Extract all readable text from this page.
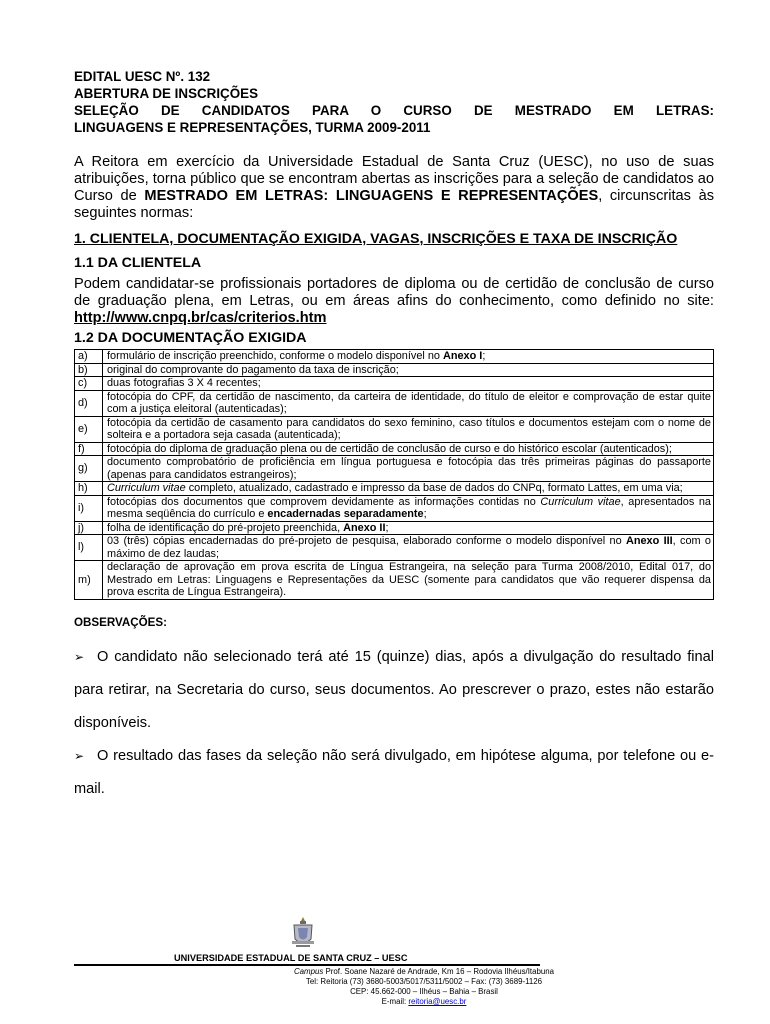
EDITAL UESC Nº. 132
ABERTURA DE INSCRIÇÕES
SELEÇÃO DE CANDIDATOS PARA O CURSO DE MESTRADO EM LETRAS:
LINGUAGENS E REPRESENTAÇÕES, TURMA 2009-2011
A Reitora em exercício da Universidade Estadual de Santa Cruz (UESC), no uso de suas atribuições, torna público que se encontram abertas as inscrições para a seleção de candidatos ao Curso de MESTRADO EM LETRAS: LINGUAGENS E REPRESENTAÇÕES, circunscritas às seguintes normas:
1. CLIENTELA, DOCUMENTAÇÃO EXIGIDA, VAGAS, INSCRIÇÕES E TAXA DE INSCRIÇÃO
1.1 DA CLIENTELA
Podem candidatar-se profissionais portadores de diploma ou de certidão de conclusão de curso de graduação plena, em Letras, ou em áreas afins do conhecimento, como definido no site: http://www.cnpq.br/cas/criterios.htm
1.2 DA DOCUMENTAÇÃO EXIGIDA
a)	formulário de inscrição preenchido, conforme o modelo disponível no Anexo I;
b)	original do comprovante do pagamento da taxa de inscrição;
c)	duas fotografias 3 X 4 recentes;
d)	fotocópia do CPF, da certidão de nascimento, da carteira de identidade, do título de eleitor e comprovação de estar quite com a justiça eleitoral (autenticadas);
e)	fotocópia da certidão de casamento para candidatos do sexo feminino, caso títulos e documentos estejam com o nome de solteira e a portadora seja casada (autenticada);
f)	fotocópia do diploma de graduação plena ou de certidão de conclusão de curso e do histórico escolar (autenticados);
g)	documento comprobatório de proficiência em língua portuguesa e fotocópia das três primeiras páginas do passaporte (apenas para candidatos estrangeiros);
h)	Curriculum vitae completo, atualizado, cadastrado e impresso da base de dados do CNPq, formato Lattes, em uma via;
i)	fotocópias dos documentos que comprovem devidamente as informações contidas no Curriculum vitae, apresentados na mesma seqüência do currículo e encadernadas separadamente;
j)	folha de identificação do pré-projeto preenchida, Anexo II;
l)	03 (três) cópias encadernadas do pré-projeto de pesquisa, elaborado conforme o modelo disponível no Anexo III, com o máximo de dez laudas;
m)	declaração de aprovação em prova escrita de Língua Estrangeira, na seleção para Turma 2008/2010, Edital 017, do Mestrado em Letras: Linguagens e Representações da UESC (somente para candidatos que vão requerer dispensa da prova escrita de Língua Estrangeira).
OBSERVAÇÕES:
➢ O candidato não selecionado terá até 15 (quinze) dias, após a divulgação do resultado final para retirar, na Secretaria do curso, seus documentos. Ao prescrever o prazo, estes não estarão disponíveis.
➢ O resultado das fases da seleção não será divulgado, em hipótese alguma, por telefone ou e-mail.
UNIVERSIDADE ESTADUAL DE SANTA CRUZ – UESC
Campus Prof. Soane Nazaré de Andrade, Km 16 – Rodovia Ilhéus/Itabuna
Tel: Reitoria (73) 3680-5003/5017/5311/5002 – Fax: (73) 3689-1126
CEP: 45.662-000 – Ilhéus – Bahia – Brasil
E-mail: reitoria@uesc.br
